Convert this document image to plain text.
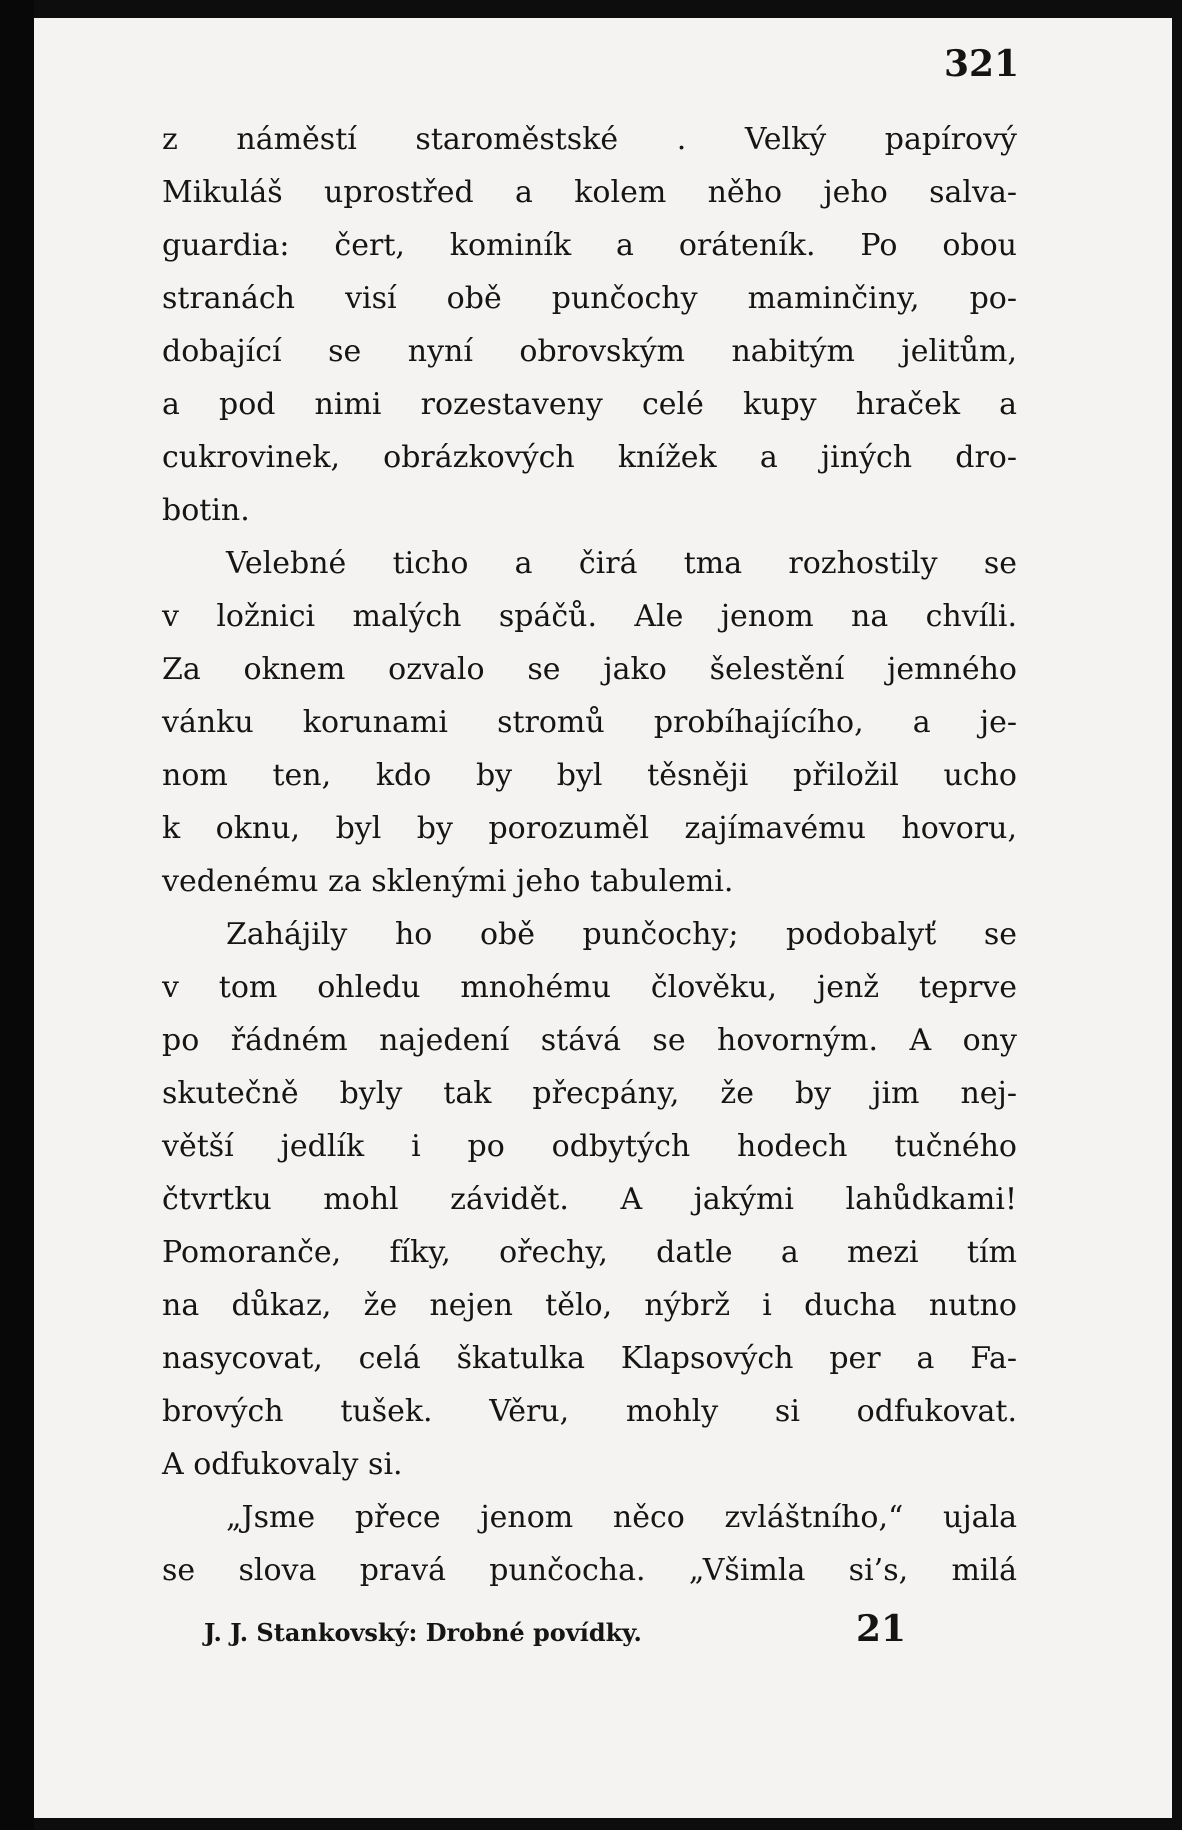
321
z náměstí staroměstské . Velký papírový
Mikuláš uprostřed a kolem něho jeho salva-
guardia: čert, kominík a oráteník. Po obou
stranách visí obě punčochy maminčiny, po-
dobající se nyní obrovským nabitým jelitům,
a pod nimi rozestaveny celé kupy hraček a
cukrovinek, obrázkových knížek a jiných dro-
botin.
Velebné ticho a čirá tma rozhostily se
v ložnici malých spáčů. Ale jenom na chvíli.
Za oknem ozvalo se jako šelestění jemného
vánku korunami stromů probíhajícího, a je-
nom ten, kdo by byl těsněji přiložil ucho
k oknu, byl by porozuměl zajímavému hovoru,
vedenému za sklenými jeho tabulemi.
Zahájily ho obě punčochy; podobalyť se
v tom ohledu mnohému člověku, jenž teprve
po řádném najedení stává se hovorným. A ony
skutečně byly tak přecpány, že by jim nej-
větší jedlík i po odbytých hodech tučného
čtvrtku mohl závidět. A jakými lahůdkami!
Pomoranče, fíky, ořechy, datle a mezi tím
na důkaz, že nejen tělo, nýbrž i ducha nutno
nasycovat, celá škatulka Klapsových per a Fa-
brových tušek. Věru, mohly si odfukovat.
A odfukovaly si.
„Jsme přece jenom něco zvláštního,“ ujala
se slova pravá punčocha. „Všimla si’s, milá
J. J. Stankovský: Drobné povídky.	21
